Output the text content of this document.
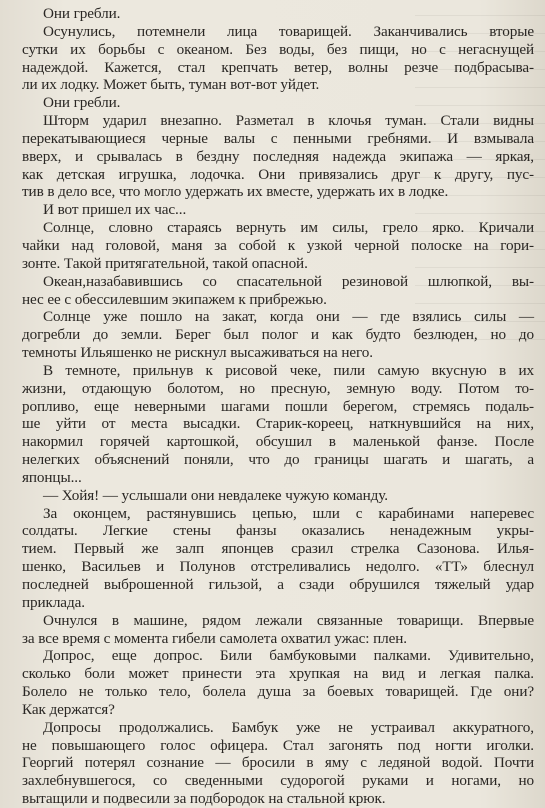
Они гребли.
Осунулись, потемнели лица товарищей. Заканчивались вторые
сутки их борьбы с океаном. Без воды, без пищи, но с негаснущей
надеждой. Кажется, стал крепчать ветер, волны резче подбрасыва-
ли их лодку. Может быть, туман вот-вот уйдет.
Они гребли.
Шторм ударил внезапно. Разметал в клочья туман. Стали видны
перекатывающиеся черные валы с пенными гребнями. И взмывала
вверх, и срывалась в бездну последняя надежда экипажа — яркая,
как детская игрушка, лодочка. Они привязались друг к другу, пус-
тив в дело все, что могло удержать их вместе, удержать их в лодке.
И вот пришел их час...
Солнце, словно стараясь вернуть им силы, грело ярко. Кричали
чайки над головой, маня за собой к узкой черной полоске на гори-
зонте. Такой притягательной, такой опасной.
Океан,назабавившись со спасательной резиновой шлюпкой, вы-
нес ее с обессилевшим экипажем к прибрежью.
Солнце уже пошло на закат, когда они — где взялись силы —
догребли до земли. Берег был полог и как будто безлюден, но до
темноты Ильяшенко не рискнул высаживаться на него.
В темноте, прильнув к рисовой чеке, пили самую вкусную в их
жизни, отдающую болотом, но пресную, земную воду. Потом то-
ропливо, еще неверными шагами пошли берегом, стремясь подаль-
ше уйти от места высадки. Старик-кореец, наткнувшийся на них,
накормил горячей картошкой, обсушил в маленькой фанзе. После
нелегких объяснений поняли, что до границы шагать и шагать, а
японцы...
— Хойя! — услышали они невдалеке чужую команду.
За оконцем, растянувшись цепью, шли с карабинами наперевес
солдаты. Легкие стены фанзы оказались ненадежным укры-
тием. Первый же залп японцев сразил стрелка Сазонова. Илья-
шенко, Васильев и Полунов отстреливались недолго. «ТТ» блеснул
последней выброшенной гильзой, а сзади обрушился тяжелый удар
приклада.
Очнулся в машине, рядом лежали связанные товарищи. Впервые
за все время с момента гибели самолета охватил ужас: плен.
Допрос, еще допрос. Били бамбуковыми палками. Удивительно,
сколько боли может принести эта хрупкая на вид и легкая палка.
Болело не только тело, болела душа за боевых товарищей. Где они?
Как держатся?
Допросы продолжались. Бамбук уже не устраивал аккуратного,
не повышающего голос офицера. Стал загонять под ногти иголки.
Георгий потерял сознание — бросили в яму с ледяной водой. Почти
захлебнувшегося, со сведенными судорогой руками и ногами, но
вытащили и подвесили за подбородок на стальной крюк.
